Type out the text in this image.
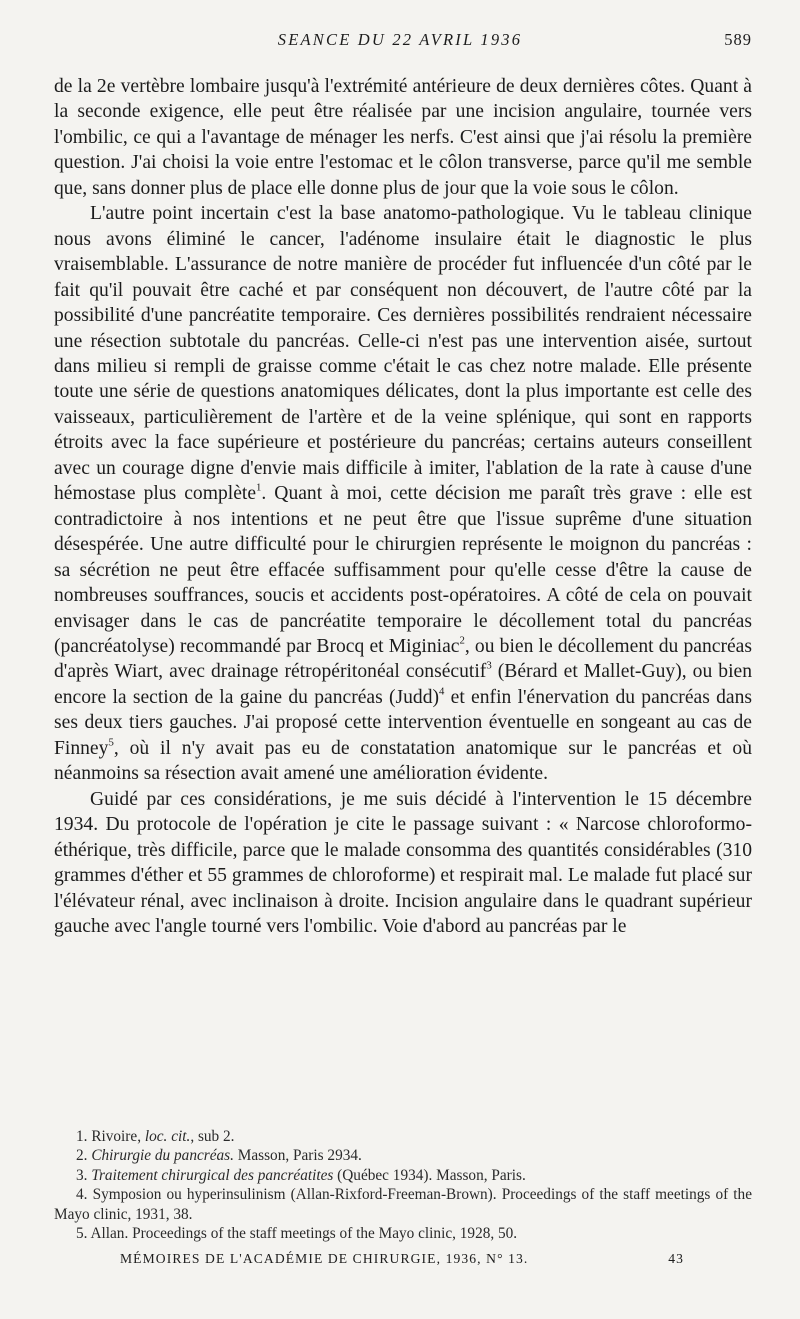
SEANCE DU 22 AVRIL 1936	589

de la 2e vertèbre lombaire jusqu'à l'extrémité antérieure de deux dernières côtes. Quant à la seconde exigence, elle peut être réalisée par une incision angulaire, tournée vers l'ombilic, ce qui a l'avantage de ménager les nerfs. C'est ainsi que j'ai résolu la première question. J'ai choisi la voie entre l'estomac et le côlon transverse, parce qu'il me semble que, sans donner plus de place elle donne plus de jour que la voie sous le côlon.

L'autre point incertain c'est la base anatomo-pathologique. Vu le tableau clinique nous avons éliminé le cancer, l'adénome insulaire était le diagnostic le plus vraisemblable. L'assurance de notre manière de procéder fut influencée d'un côté par le fait qu'il pouvait être caché et par conséquent non découvert, de l'autre côté par la possibilité d'une pancréatite temporaire. Ces dernières possibilités rendraient nécessaire une résection subtotale du pancréas. Celle-ci n'est pas une intervention aisée, surtout dans milieu si rempli de graisse comme c'était le cas chez notre malade. Elle présente toute une série de questions anatomiques délicates, dont la plus importante est celle des vaisseaux, particulièrement de l'artère et de la veine splénique, qui sont en rapports étroits avec la face supérieure et postérieure du pancréas; certains auteurs conseillent avec un courage digne d'envie mais difficile à imiter, l'ablation de la rate à cause d'une hémostase plus complète$^1$. Quant à moi, cette décision me paraît très grave : elle est contradictoire à nos intentions et ne peut être que l'issue suprême d'une situation désespérée. Une autre difficulté pour le chirurgien représente le moignon du pancréas : sa sécrétion ne peut être effacée suffisamment pour qu'elle cesse d'être la cause de nombreuses souffrances, soucis et accidents post-opératoires. A côté de cela on pouvait envisager dans le cas de pancréatite temporaire le décollement total du pancréas (pancréatolyse) recommandé par Brocq et Miginiac$^2$, ou bien le décollement du pancréas d'après Wiart, avec drainage rétropéritonéal consécutif$^3$ (Bérard et Mallet-Guy), ou bien encore la section de la gaine du pancréas (Judd)$^4$ et enfin l'énervation du pancréas dans ses deux tiers gauches. J'ai proposé cette intervention éventuelle en songeant au cas de Finney$^5$, où il n'y avait pas eu de constatation anatomique sur le pancréas et où néanmoins sa résection avait amené une amélioration évidente.

Guidé par ces considérations, je me suis décidé à l'intervention le 15 décembre 1934. Du protocole de l'opération je cite le passage suivant : « Narcose chloroformo-éthérique, très difficile, parce que le malade consomma des quantités considérables (310 grammes d'éther et 55 grammes de chloroforme) et respirait mal. Le malade fut placé sur l'élévateur rénal, avec inclinaison à droite. Incision angulaire dans le quadrant supérieur gauche avec l'angle tourné vers l'ombilic. Voie d'abord au pancréas par le

1. Rivoire, loc. cit., sub 2.
2. Chirurgie du pancréas. Masson, Paris 2934.
3. Traitement chirurgical des pancréatites (Québec 1934). Masson, Paris.
4. Symposion ou hyperinsulinism (Allan-Rixford-Freeman-Brown). Proceedings of the staff meetings of the Mayo clinic, 1931, 38.
5. Allan. Proceedings of the staff meetings of the Mayo clinic, 1928, 50.
MÉMOIRES DE L'ACADÉMIE DE CHIRURGIE, 1936, N° 13.	43
